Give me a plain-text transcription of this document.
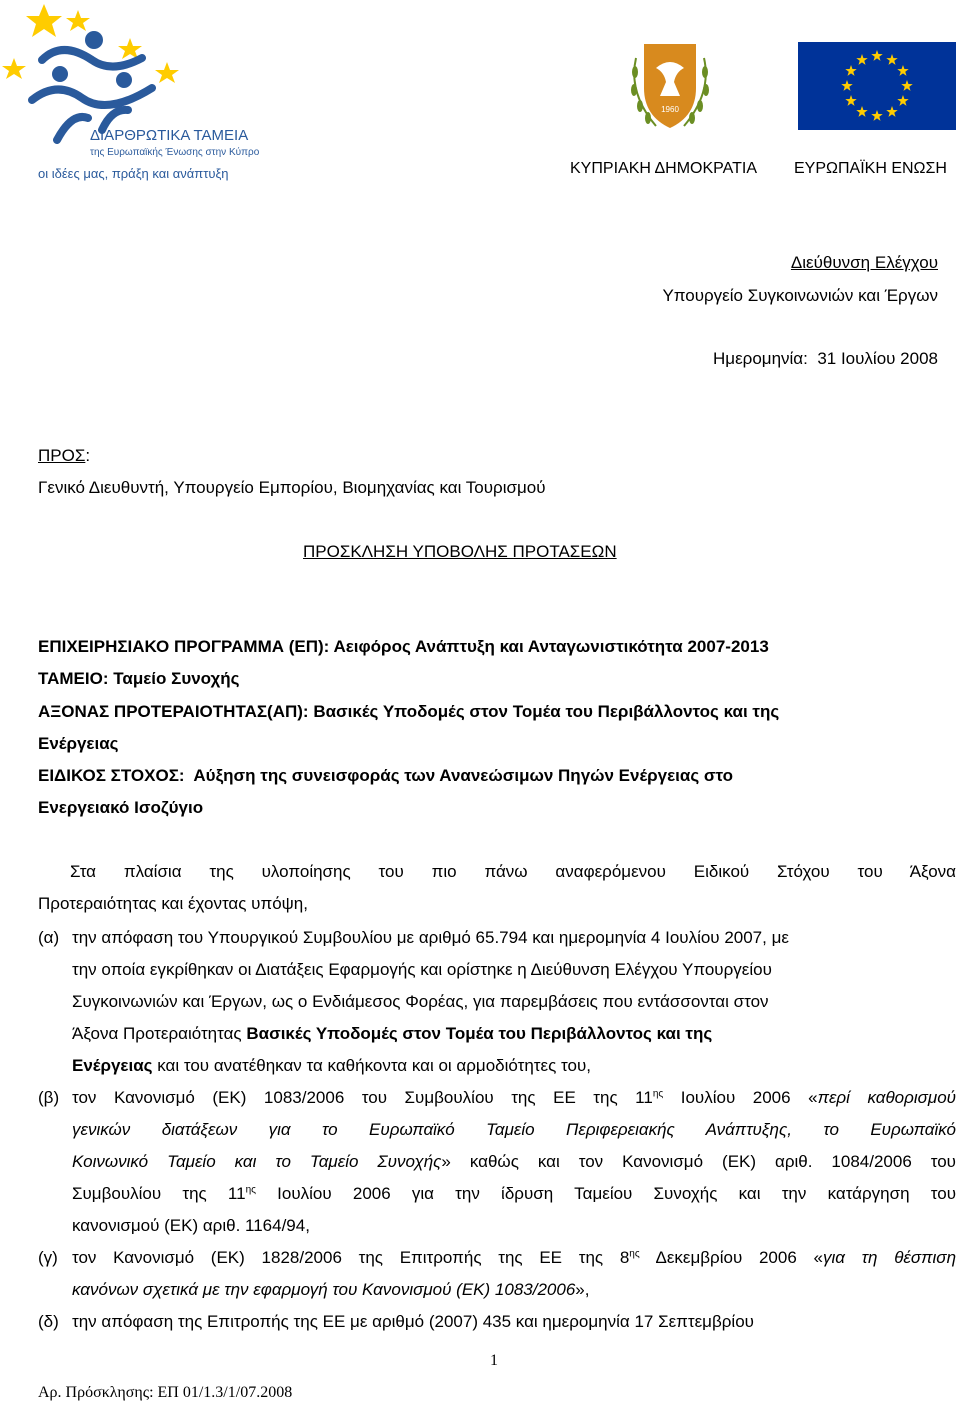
ΔΙΑΡΘΡΩΤΙΚΑ ΤΑΜΕΙΑ
της Ευρωπαϊκής Ένωσης στην Κύπρο
οι ιδέες μας, πράξη και ανάπτυξη
1960
ΚΥΠΡΙΑΚΗ ΔΗΜΟΚΡΑΤΙΑ ΕΥΡΩΠΑΪΚΗ ΕΝΩΣΗ
Διεύθυνση Ελέγχου
Υπουργείο Συγκοινωνιών και Έργων
Ημερομηνία: 31 Ιουλίου 2008
ΠΡΟΣ:
Γενικό Διευθυντή, Υπουργείο Εμπορίου, Βιομηχανίας και Τουρισμού
ΠΡΟΣΚΛΗΣΗ ΥΠΟΒΟΛΗΣ ΠΡΟΤΑΣΕΩΝ
ΕΠΙΧΕΙΡΗΣΙΑΚΟ ΠΡΟΓΡΑΜΜΑ (ΕΠ): Αειφόρος Ανάπτυξη και Ανταγωνιστικότητα 2007-2013
ΤΑΜΕΙΟ: Ταμείο Συνοχής
ΑΞΟΝΑΣ ΠΡΟΤΕΡΑΙΟΤΗΤΑΣ(ΑΠ): Βασικές Υποδομές στον Τομέα του Περιβάλλοντος και της
Ενέργειας
ΕΙΔΙΚΟΣ ΣΤΟΧΟΣ: Αύξηση της συνεισφοράς των Ανανεώσιμων Πηγών Ενέργειας στο
Ενεργειακό Ισοζύγιο
Στα πλαίσια της υλοποίησης του πιο πάνω αναφερόμενου Ειδικού Στόχου του Άξονα
Προτεραιότητας και έχοντας υπόψη,
(α) την απόφαση του Υπουργικού Συμβουλίου με αριθμό 65.794 και ημερομηνία 4 Ιουλίου 2007, με
την οποία εγκρίθηκαν οι Διατάξεις Εφαρμογής και ορίστηκε η Διεύθυνση Ελέγχου Υπουργείου
Συγκοινωνιών και Έργων, ως ο Ενδιάμεσος Φορέας, για παρεμβάσεις που εντάσσονται στον
Άξονα Προτεραιότητας Βασικές Υποδομές στον Τομέα του Περιβάλλοντος και της
Ενέργειας και του ανατέθηκαν τα καθήκοντα και οι αρμοδιότητες του,
(β) τον Κανονισμό (ΕΚ) 1083/2006 του Συμβουλίου της ΕΕ της $11^{\eta\varsigma}$ Ιουλίου 2006 «περί καθορισμού
γενικών διατάξεων για το Ευρωπαϊκό Ταμείο Περιφερειακής Ανάπτυξης, το Ευρωπαϊκό
Κοινωνικό Ταμείο και το Ταμείο Συνοχής» καθώς και τον Κανονισμό (ΕΚ) αριθ. 1084/2006 του
Συμβουλίου της $11^{\eta\varsigma}$ Ιουλίου 2006 για την ίδρυση Ταμείου Συνοχής και την κατάργηση του
κανονισμού (ΕΚ) αριθ. 1164/94,
(γ) τον Κανονισμό (ΕΚ) 1828/2006 της Επιτροπής της ΕΕ της $8^{\eta\varsigma}$ Δεκεμβρίου 2006 «για τη θέσπιση
κανόνων σχετικά με την εφαρμογή του Κανονισμού (ΕΚ) 1083/2006»,
(δ) την απόφαση της Επιτροπής της ΕΕ με αριθμό (2007) 435 και ημερομηνία 17 Σεπτεμβρίου
1
Αρ. Πρόσκλησης: ΕΠ 01/1.3/1/07.2008
